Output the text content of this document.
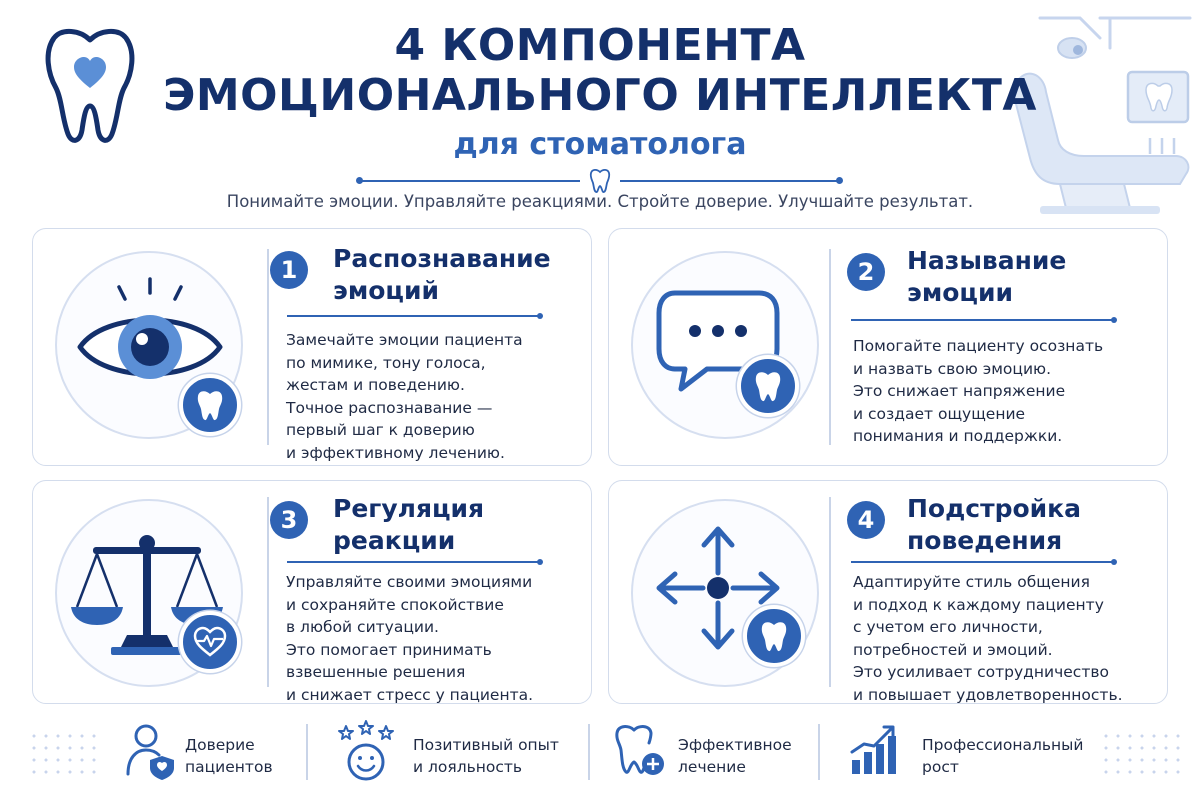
4 КОМПОНЕНТА
ЭМОЦИОНАЛЬНОГО ИНТЕЛЛЕКТА
для стоматолога
Понимайте эмоции. Управляйте реакциями. Стройте доверие. Улучшайте результат.
1	Распознавание
эмоций
Замечайте эмоции пациента
по мимике, тону голоса,
жестам и поведению.
Точное распознавание —
первый шаг к доверию
и эффективному лечению.
2	Называние
эмоции
Помогайте пациенту осознать
и назвать свою эмоцию.
Это снижает напряжение
и создает ощущение
понимания и поддержки.
3	Регуляция
реакции
Управляйте своими эмоциями
и сохраняйте спокойствие
в любой ситуации.
Это помогает принимать
взвешенные решения
и снижает стресс у пациента.
4	Подстройка
поведения
Адаптируйте стиль общения
и подход к каждому пациенту
с учетом его личности,
потребностей и эмоций.
Это усиливает сотрудничество
и повышает удовлетворенность.
Доверие
пациентов
Позитивный опыт
и лояльность
Эффективное
лечение
Профессиональный
рост
